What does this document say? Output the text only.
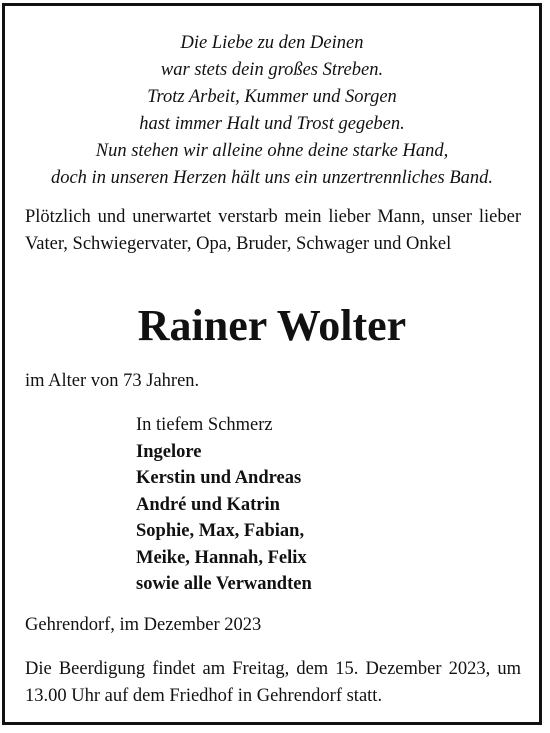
Die Liebe zu den Deinen
war stets dein großes Streben.
Trotz Arbeit, Kummer und Sorgen
hast immer Halt und Trost gegeben.
Nun stehen wir alleine ohne deine starke Hand,
doch in unseren Herzen hält uns ein unzertrennliches Band.
Plötzlich und unerwartet verstarb mein lieber Mann, unser lieber Vater, Schwiegervater, Opa, Bruder, Schwager und Onkel
Rainer Wolter
im Alter von 73 Jahren.
In tiefem Schmerz
Ingelore
Kerstin und Andreas
André und Katrin
Sophie, Max, Fabian,
Meike, Hannah, Felix
sowie alle Verwandten
Gehrendorf, im Dezember 2023
Die Beerdigung findet am Freitag, dem 15. Dezember 2023, um 13.00 Uhr auf dem Friedhof in Gehrendorf statt.
